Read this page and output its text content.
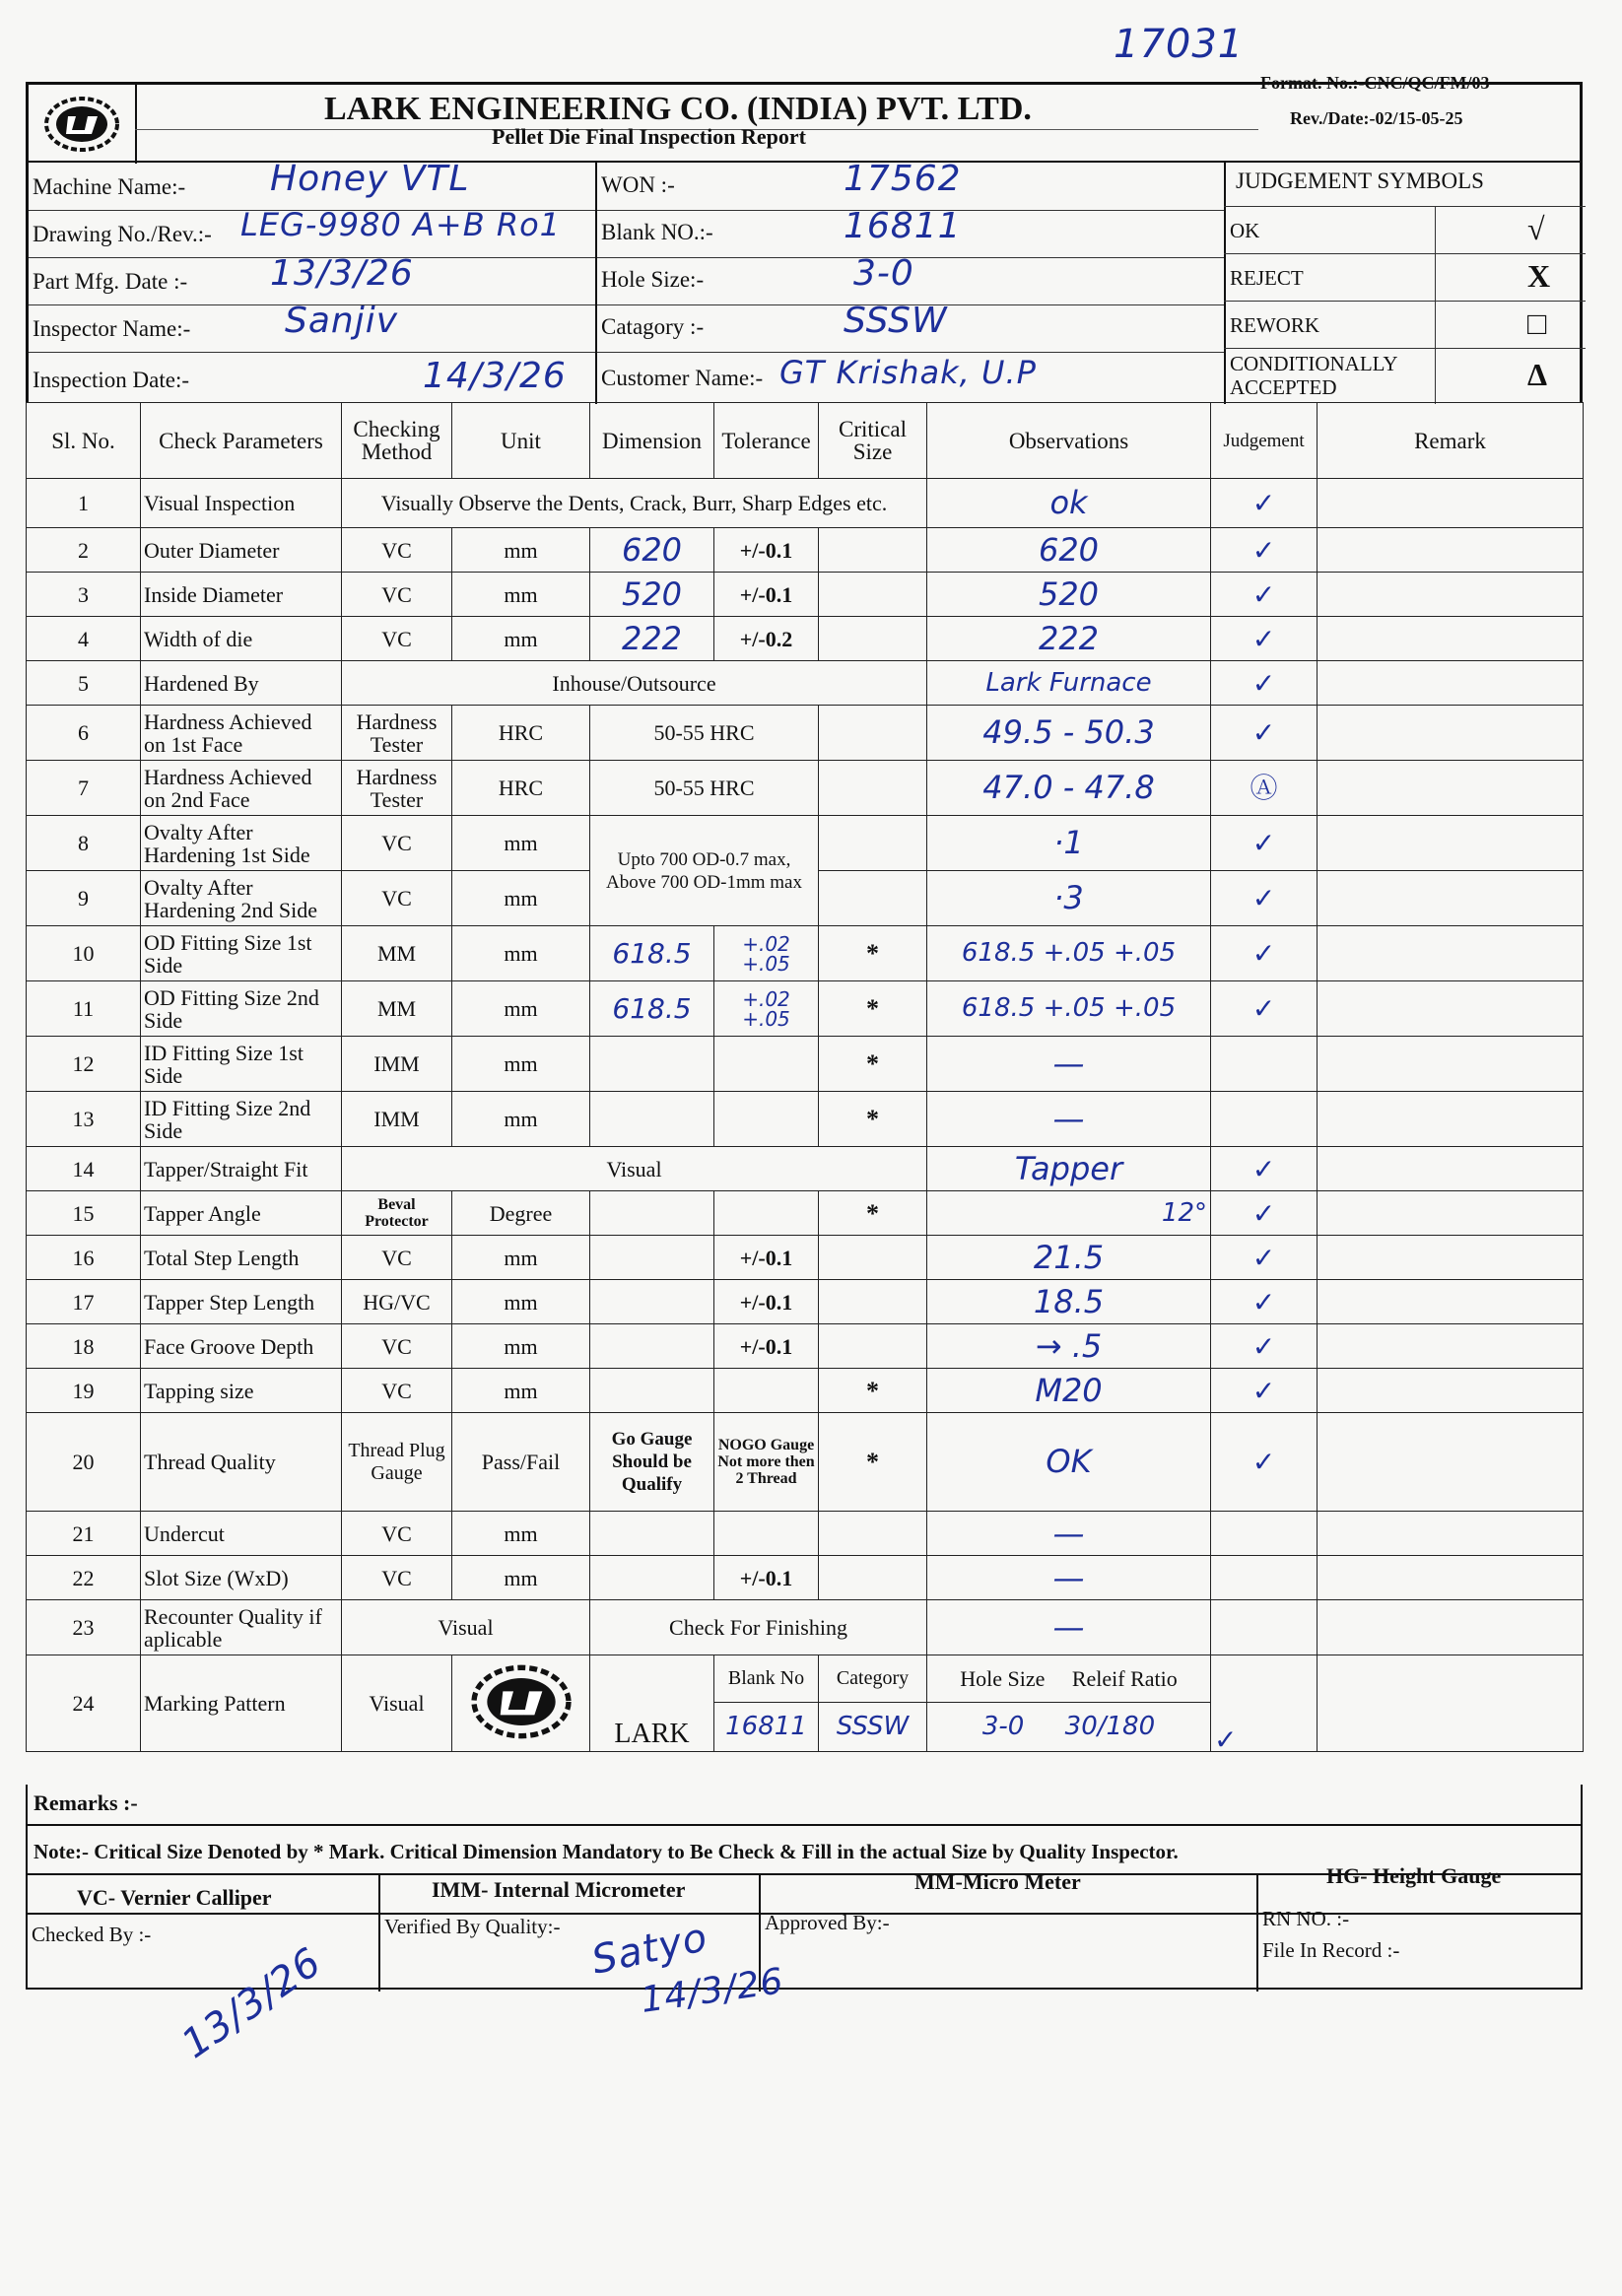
17031
LARK ENGINEERING CO. (INDIA) PVT. LTD.
Pellet Die Final Inspection Report
Format. No.:-CNC/QC/FM/03
Rev./Date:-02/15-05-25
Machine Name:- Honey VTL
Drawing No./Rev.:- LEG-9980 A+B Ro1
Part Mfg. Date :- 13/3/26
Inspector Name:-	Sanjiv
Inspection Date:-	14/3/26
WON :-	17562
Blank NO.:-	16811
Hole Size:-	3-0
Catagory :-	SSSW
Customer Name:- GT Krishak, U.P
JUDGEMENT SYMBOLS
OK	√
REJECT	X
REWORK	□
CONDITIONALLY ACCEPTED	Δ
Sl. No.	Check Parameters	Checking Method	Unit	Dimension	Tolerance	Critical Size	Observations	Judgement	Remark
1	Visual Inspection	Visually Observe the Dents, Crack, Burr, Sharp Edges etc.					ok	✓	
2	Outer Diameter	VC	mm	620	+/-0.1		620	✓	
3	Inside Diameter	VC	mm	520	+/-0.1		520	✓	
4	Width of die	VC	mm	222	+/-0.2		222	✓	
5	Hardened By	Inhouse/Outsource					Lark Furnace	✓	
6	Hardness Achieved on 1st Face	Hardness Tester	HRC	50-55 HRC			49.5 - 50.3	✓	
7	Hardness Achieved on 2nd Face	Hardness Tester	HRC	50-55 HRC			47.0 - 47.8	Ⓐ	
8	Ovalty After Hardening 1st Side	VC	mm	Upto 700 OD-0.7 max, Above 700 OD-1mm max			·1	✓	
9	Ovalty After Hardening 2nd Side	VC	mm				·3	✓	
10	OD Fitting Size 1st Side	MM	mm	618.5	+.02 +.05	*	618.5 +.05 +.05	✓	
11	OD Fitting Size 2nd Side	MM	mm	618.5	+.02 +.05	*	618.5 +.05 +.05	✓	
12	ID Fitting Size 1st Side	IMM	mm			*	—		
13	ID Fitting Size 2nd Side	IMM	mm			*	—		
14	Tapper/Straight Fit	Visual					Tapper	✓	
15	Tapper Angle	Beval Protector	Degree			*	12°	✓	
16	Total Step Length	VC	mm		+/-0.1		21.5	✓	
17	Tapper Step Length	HG/VC	mm		+/-0.1		18.5	✓	
18	Face Groove Depth	VC	mm		+/-0.1		→ .5	✓	
19	Tapping size	VC	mm			*	M20	✓	
20	Thread Quality	Thread Plug Gauge	Pass/Fail	Go Gauge Should be Qualify	NOGO Gauge Not more then 2 Thread	*	OK	✓	
21	Undercut	VC	mm				—		
22	Slot Size (WxD)	VC	mm		+/-0.1		—		
23	Recounter Quality if aplicable	Visual		Check For Finishing			—		
24	Marking Pattern	Visual		LARK	Blank No	Category	Hole Size Releif Ratio	✓	
					16811	SSSW	3-0 30/180		
Remarks :-
Note:- Critical Size Denoted by * Mark. Critical Dimension Mandatory to Be Check & Fill in the actual Size by Quality Inspector.
VC- Vernier Calliper	IMM- Internal Micrometer	MM-Micro Meter	HG- Height Gauge
Checked By :-	Verified By Quality:-	Approved By:-	RN NO. :-
File In Record :-
13/3/26	Satyo
14/3/26
